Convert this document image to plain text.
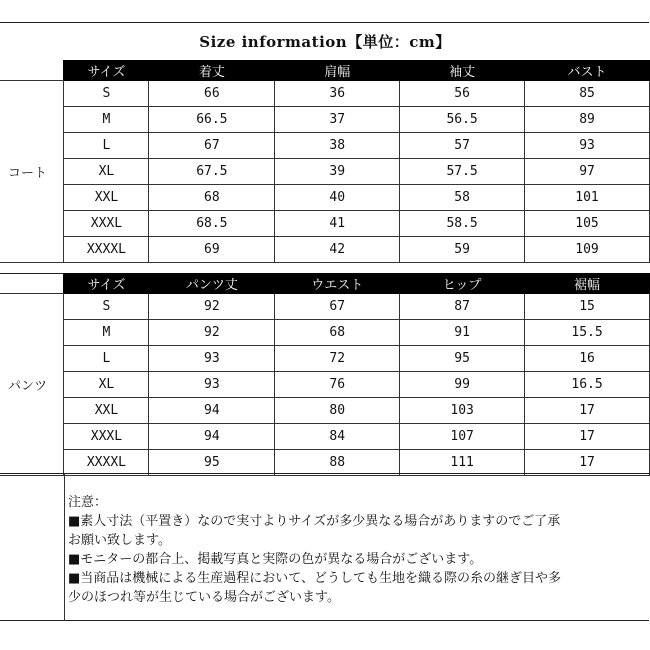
Size information【単位：cm】
	サイズ	着丈	肩幅	袖丈	バスト
コート	S	66	36	56	85
	M	66.5	37	56.5	89
	L	67	38	57	93
	XL	67.5	39	57.5	97
	XXL	68	40	58	101
	XXXL	68.5	41	58.5	105
	XXXXL	69	42	59	109
	サイズ	パンツ丈	ウエスト	ヒップ	裾幅
パンツ	S	92	67	87	15
	M	92	68	91	15.5
	L	93	72	95	16
	XL	93	76	99	16.5
	XXL	94	80	103	17
	XXXL	94	84	107	17
	XXXXL	95	88	111	17
注意：
■素人寸法（平置き）なので実寸よりサイズが多少異なる場合がありますのでご了承
お願い致します。
■モニターの都合上、掲載写真と実際の色が異なる場合がございます。
■当商品は機械による生産過程において、どうしても生地を織る際の糸の継ぎ目や多
少のほつれ等が生じている場合がございます。
